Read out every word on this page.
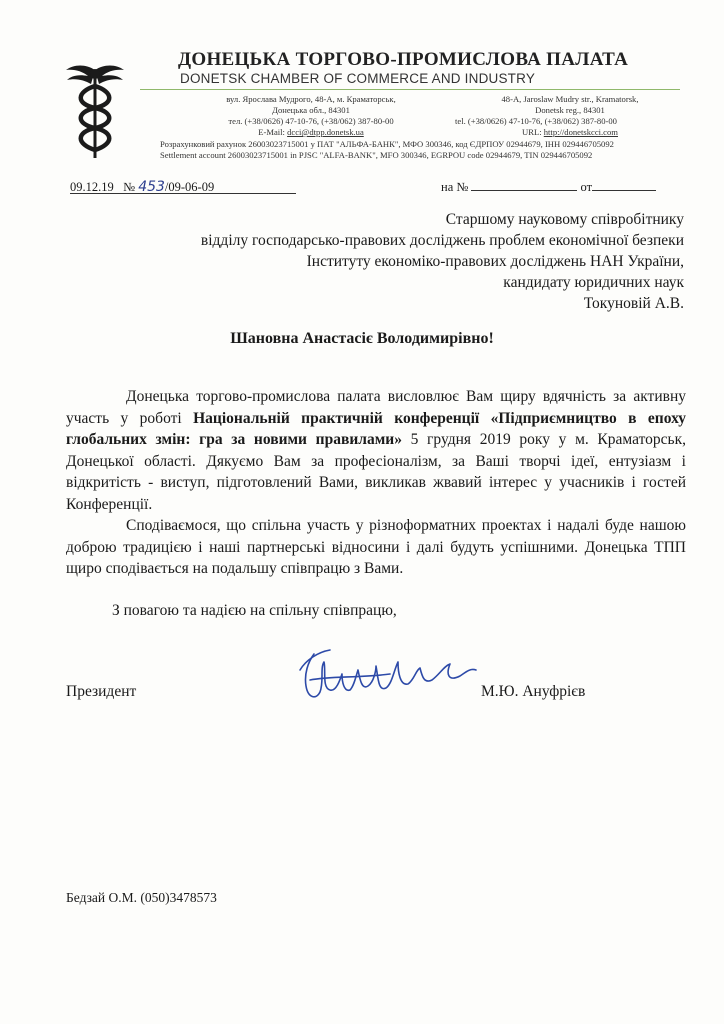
ДОНЕЦЬКА ТОРГОВО-ПРОМИСЛОВА ПАЛАТА
DONETSK CHAMBER OF COMMERCE AND INDUSTRY
вул. Ярослава Мудрого, 48-А, м. Краматорськ,
Донецька обл., 84301
тел. (+38/0626) 47-10-76, (+38/062) 387-80-00
E-Mail: dcci@dtpp.donetsk.ua
48-A, Jaroslaw Mudry str., Kramatorsk,
Donetsk reg., 84301
tel. (+38/0626) 47-10-76, (+38/062) 387-80-00
URL: http://donetskcci.com
Розрахунковий рахунок 26003023715001 у ПАТ "АЛЬФА-БАНК", МФО 300346, код ЄДРПОУ 02944679, ІНН 029446705092
Settlement account 26003023715001 in PJSC "ALFA-BANK", MFO 300346, EGRPOU code 02944679, TIN 029446705092
09.12.19 № 453/09-06-09	на №	от
Старшому науковому співробітнику
відділу господарсько-правових досліджень проблем економічної безпеки
Інституту економіко-правових досліджень НАН України,
кандидату юридичних наук
Токуновій А.В.
Шановна Анастасіє Володимирівно!

Донецька торгово-промислова палата висловлює Вам щиру вдячність за активну участь у роботі Національній практичній конференції «Підприємництво в епоху глобальних змін: гра за новими правилами» 5 грудня 2019 року у м. Краматорськ, Донецької області. Дякуємо Вам за професіоналізм, за Ваші творчі ідеї, ентузіазм і відкритість - виступ, підготовлений Вами, викликав жвавий інтерес у учасників і гостей Конференції.

Сподіваємося, що спільна участь у різноформатних проектах і надалі буде нашою доброю традицією і наші партнерські відносини і далі будуть успішними. Донецька ТПП щиро сподівається на подальшу співпрацю з Вами.

З повагою та надією на спільну співпрацю,
Президент	М.Ю. Ануфрієв
Бедзай О.М. (050)3478573
